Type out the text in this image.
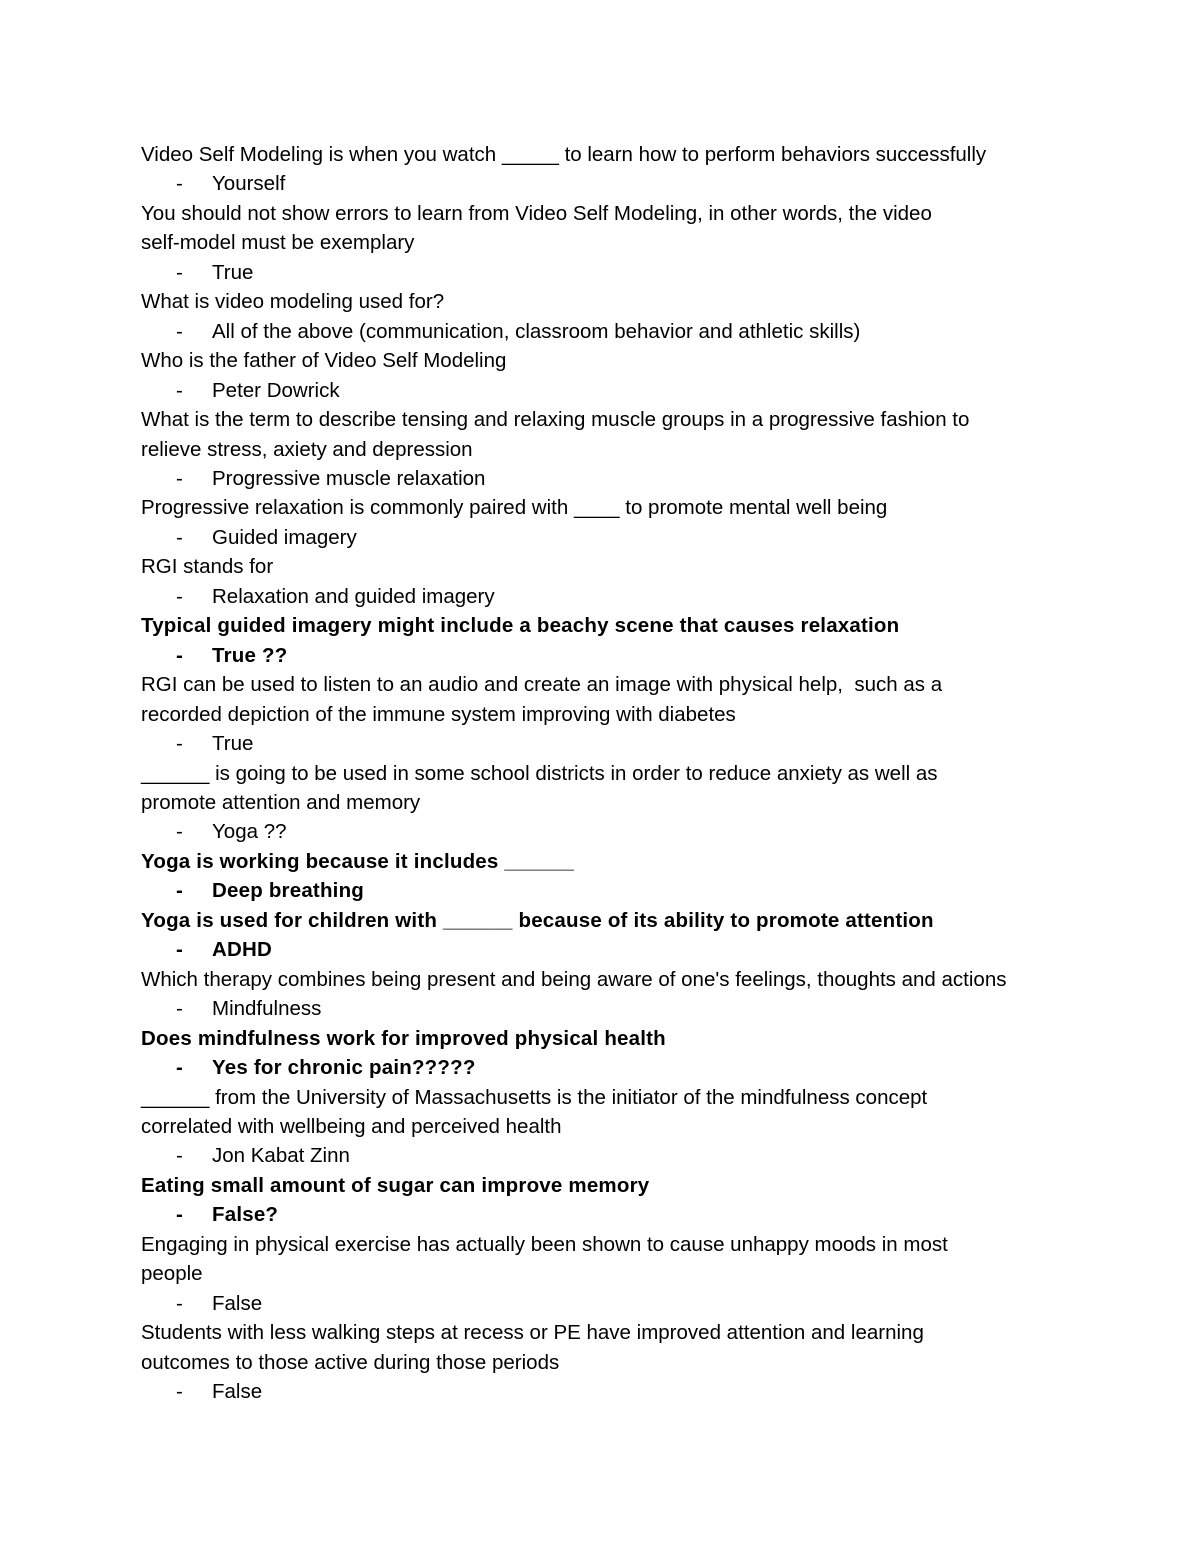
Video Self Modeling is when you watch _____ to learn how to perform behaviors successfully
- Yourself
You should not show errors to learn from Video Self Modeling, in other words, the video
self-model must be exemplary
- True
What is video modeling used for?
- All of the above (communication, classroom behavior and athletic skills)
Who is the father of Video Self Modeling
- Peter Dowrick
What is the term to describe tensing and relaxing muscle groups in a progressive fashion to
relieve stress, axiety and depression
- Progressive muscle relaxation
Progressive relaxation is commonly paired with ____ to promote mental well being
- Guided imagery
RGI stands for
- Relaxation and guided imagery
Typical guided imagery might include a beachy scene that causes relaxation
- True ??
RGI can be used to listen to an audio and create an image with physical help,  such as a
recorded depiction of the immune system improving with diabetes
- True
______ is going to be used in some school districts in order to reduce anxiety as well as
promote attention and memory
- Yoga ??
Yoga is working because it includes ______
- Deep breathing
Yoga is used for children with ______ because of its ability to promote attention
- ADHD
Which therapy combines being present and being aware of one's feelings, thoughts and actions
- Mindfulness
Does mindfulness work for improved physical health
- Yes for chronic pain?????
______ from the University of Massachusetts is the initiator of the mindfulness concept
correlated with wellbeing and perceived health
- Jon Kabat Zinn
Eating small amount of sugar can improve memory
- False?
Engaging in physical exercise has actually been shown to cause unhappy moods in most
people
- False
Students with less walking steps at recess or PE have improved attention and learning
outcomes to those active during those periods
- False
